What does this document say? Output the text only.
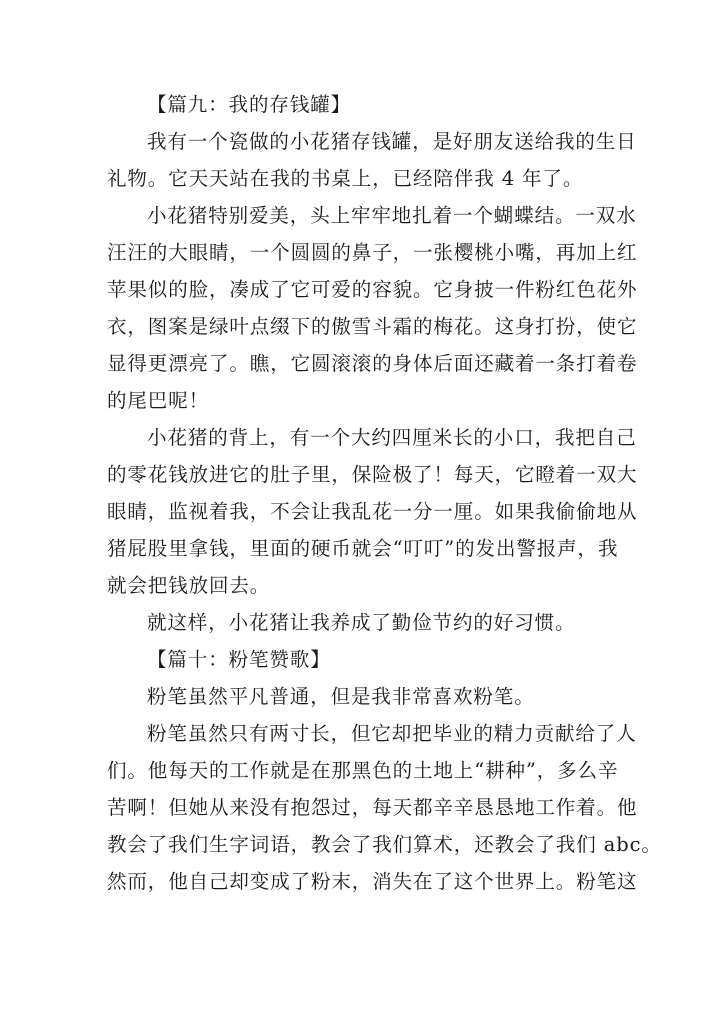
【篇九：我的存钱罐】
我有一个瓷做的小花猪存钱罐，是好朋友送给我的生日
礼物。它天天站在我的书桌上，已经陪伴我 4 年了。
小花猪特别爱美，头上牢牢地扎着一个蝴蝶结。一双水
汪汪的大眼睛，一个圆圆的鼻子，一张樱桃小嘴，再加上红
苹果似的脸，凑成了它可爱的容貌。它身披一件粉红色花外
衣，图案是绿叶点缀下的傲雪斗霜的梅花。这身打扮，使它
显得更漂亮了。瞧，它圆滚滚的身体后面还藏着一条打着卷
的尾巴呢！
小花猪的背上，有一个大约四厘米长的小口，我把自己
的零花钱放进它的肚子里，保险极了！每天，它瞪着一双大
眼睛，监视着我，不会让我乱花一分一厘。如果我偷偷地从
猪屁股里拿钱，里面的硬币就会“叮叮”的发出警报声，我
就会把钱放回去。
就这样，小花猪让我养成了勤俭节约的好习惯。
【篇十：粉笔赞歌】
粉笔虽然平凡普通，但是我非常喜欢粉笔。
粉笔虽然只有两寸长，但它却把毕业的精力贡献给了人
们。他每天的工作就是在那黑色的土地上“耕种”，多么辛
苦啊！但她从来没有抱怨过，每天都辛辛恳恳地工作着。他
教会了我们生字词语，教会了我们算术，还教会了我们 abc。
然而，他自己却变成了粉末，消失在了这个世界上。粉笔这
